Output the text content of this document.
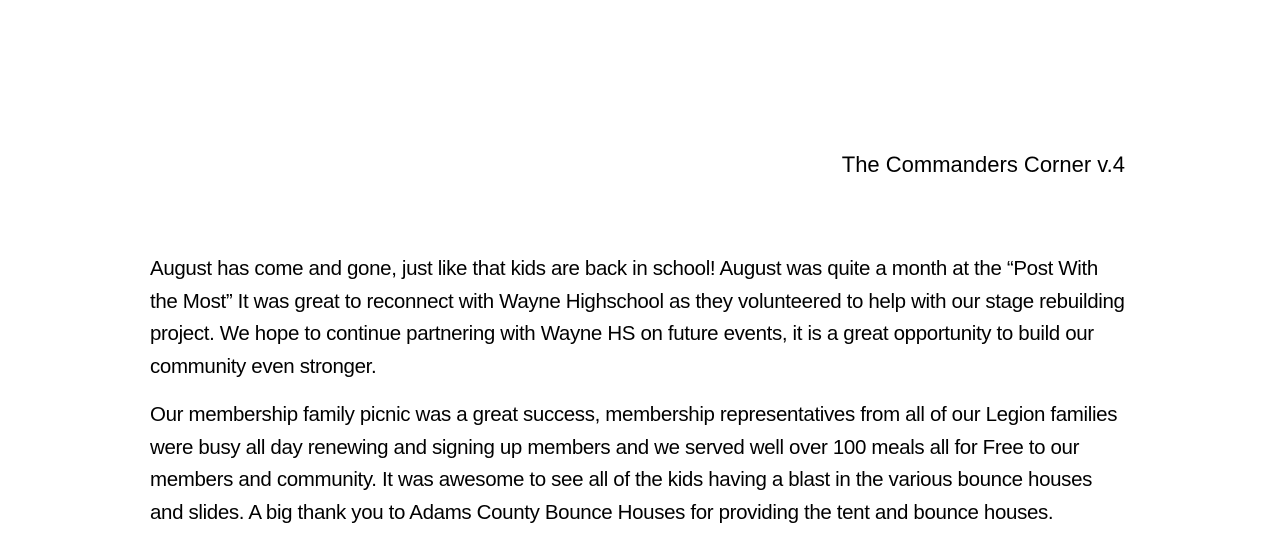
The Commanders Corner v.4

August has come and gone, just like that kids are back in school! August was quite a month at the “Post With the Most” It was great to reconnect with Wayne Highschool as they volunteered to help with our stage rebuilding project. We hope to continue partnering with Wayne HS on future events, it is a great opportunity to build our community even stronger.

Our membership family picnic was a great success, membership representatives from all of our Legion families were busy all day renewing and signing up members and we served well over 100 meals all for Free to our members and community. It was awesome to see all of the kids having a blast in the various bounce houses and slides. A big thank you to Adams County Bounce Houses for providing the tent and bounce houses.
